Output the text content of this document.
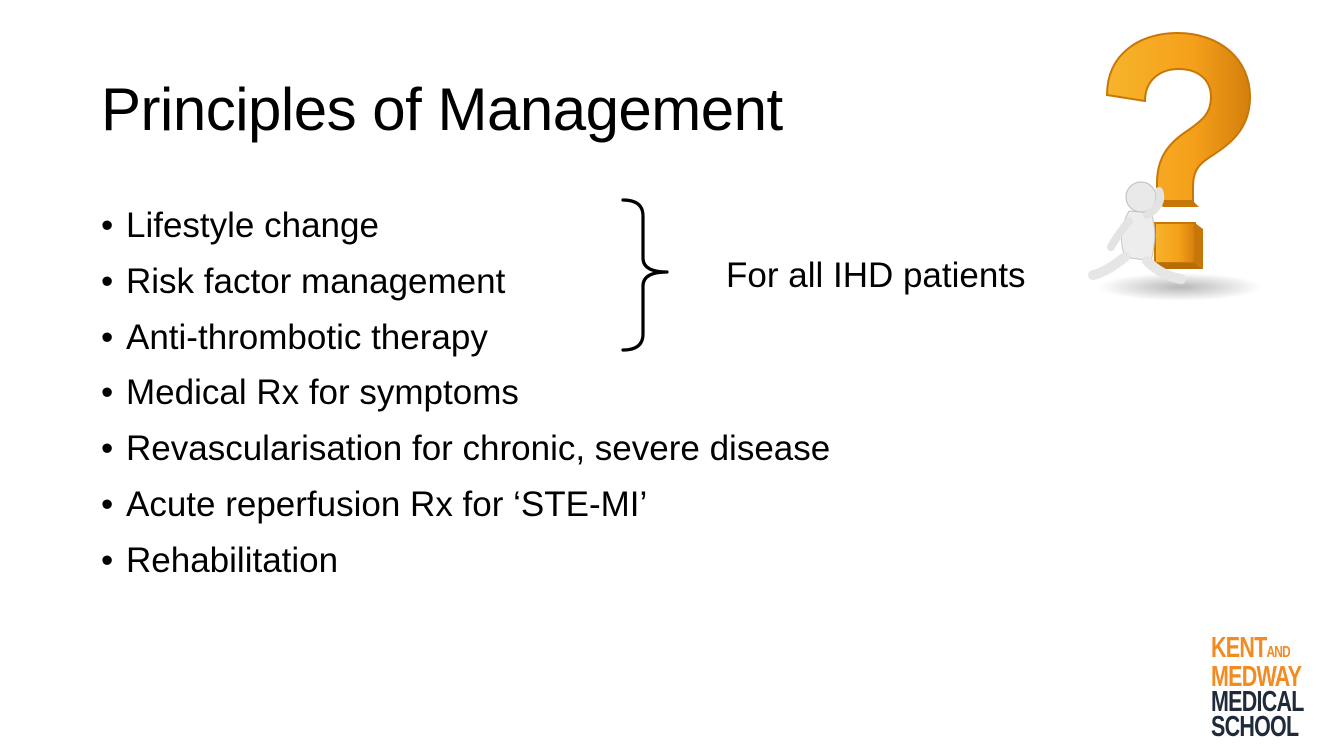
Principles of Management
• Lifestyle change
• Risk factor management
• Anti-thrombotic therapy
• Medical Rx for symptoms
• Revascularisation for chronic, severe disease
• Acute reperfusion Rx for ‘STE-MI’
• Rehabilitation
For all IHD patients
KENTAND
MEDWAY
MEDICAL
SCHOOL
